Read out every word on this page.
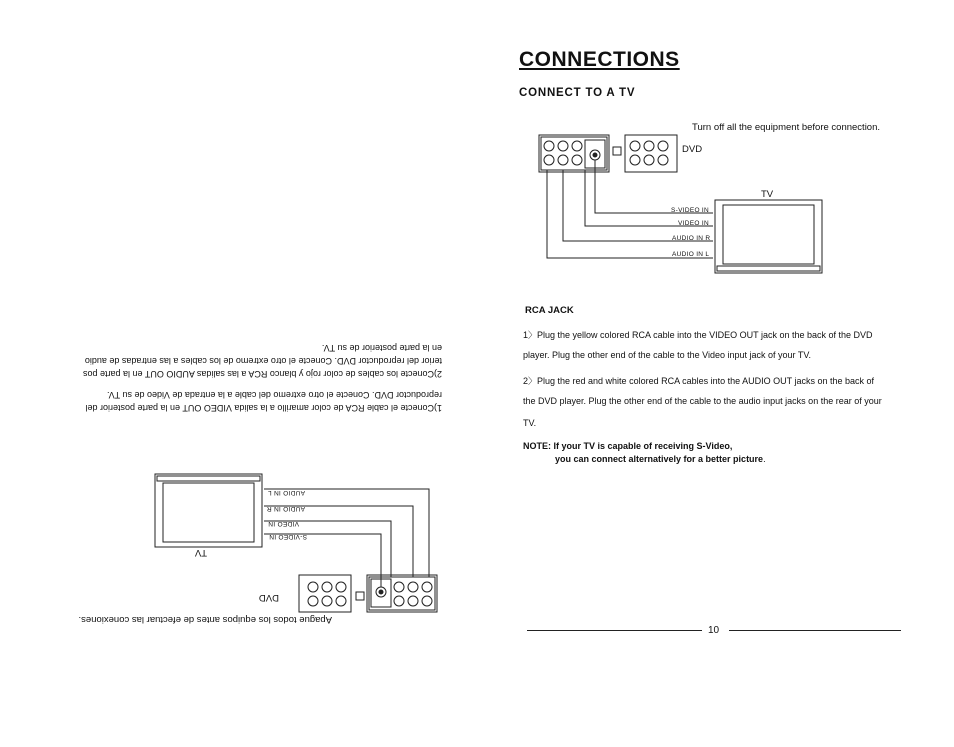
CONNECTIONS
CONNECT TO A TV
Turn off all the equipment before connection.
DVD
TV
S-VIDEO IN
VIDEO IN
AUDIO IN R
AUDIO IN L
RCA JACK
1〉Plug the yellow colored RCA cable into the VIDEO OUT jack on the back of the DVD
player. Plug the other end of the cable to the Video input jack of your TV.
2〉Plug the red and white colored RCA cables into the AUDIO OUT jacks on the back of
the DVD player. Plug the other end of the cable to the audio input jacks on the rear of your
TV.
NOTE: If your TV is capable of receiving S-Video,
you can connect alternatively for a better picture.
10
Apague todos los equipos antes de efectuar las conexiones.
DVD
TV
S-VIDEO IN
VIDEO IN
AUDIO IN R
AUDIO IN L
1)Conecte el cable RCA de color amarillo a la salida VIDEO OUT en la parte posterior del
reproductor DVD. Conecte el otro extremo del cable a la entrada de Video de su TV.
2)Conecte los cables de color rojo y blanco RCA a las salidas AUDIO OUT en la parte pos
terior del reproductor DVD. Conecte el otro extremo de los cables a las entradas de audio
en la parte posterior de su TV.
